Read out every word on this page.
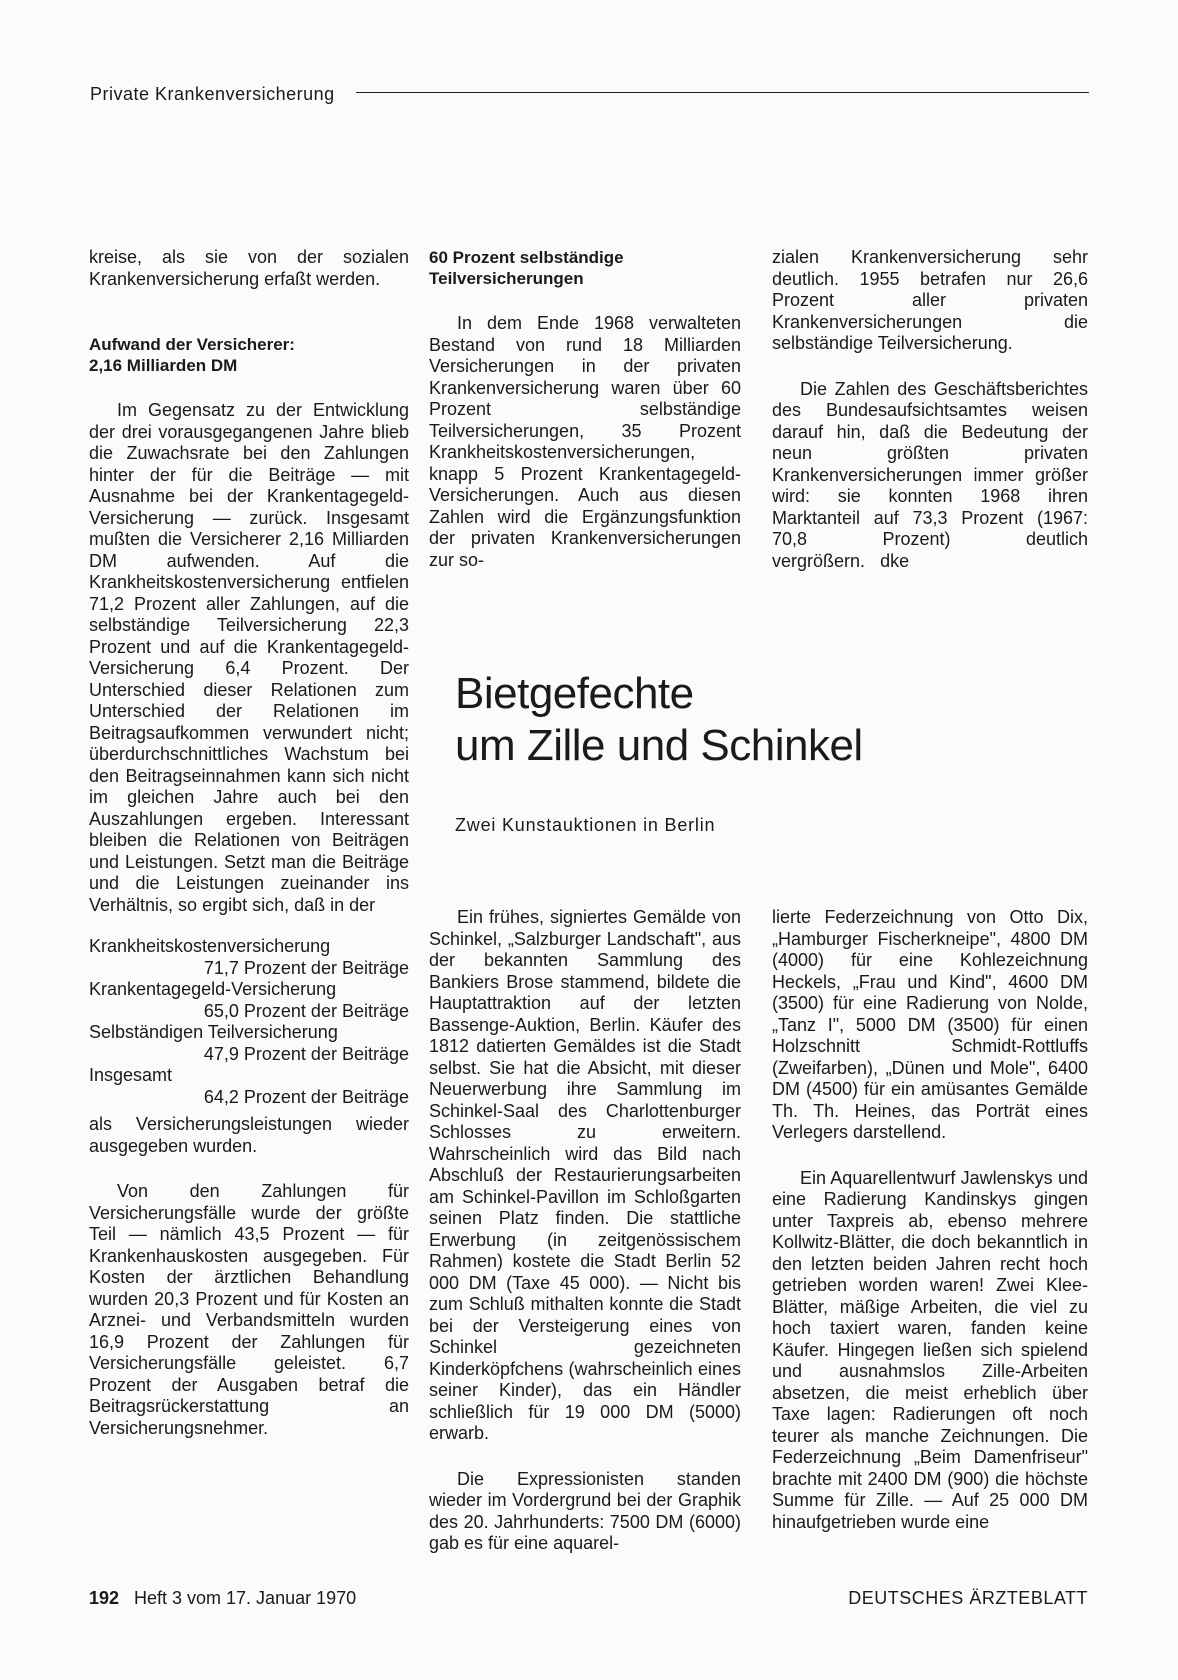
Private Krankenversicherung

kreise, als sie von der sozialen Krankenversicherung erfaßt werden.

Aufwand der Versicherer:

2,16 Milliarden DM

Im Gegensatz zu der Entwicklung der drei vorausgegangenen Jahre blieb die Zuwachsrate bei den Zahlungen hinter der für die Beiträge — mit Ausnahme bei der Krankentagegeld-Versicherung — zurück. Insgesamt mußten die Versicherer 2,16 Milliarden DM aufwenden. Auf die Krankheitskostenversicherung entfielen 71,2 Prozent aller Zahlungen, auf die selbständige Teilversicherung 22,3 Prozent und auf die Krankentagegeld-Versicherung 6,4 Prozent. Der Unterschied dieser Relationen zum Unterschied der Relationen im Beitragsaufkommen verwundert nicht; überdurchschnittliches Wachstum bei den Beitragseinnahmen kann sich nicht im gleichen Jahre auch bei den Auszahlungen ergeben. Interessant bleiben die Relationen von Beiträgen und Leistungen. Setzt man die Beiträge und die Leistungen zueinander ins Verhältnis, so ergibt sich, daß in der

Krankheitskostenversicherung

71,7 Prozent der Beiträge

Krankentagegeld-Versicherung

65,0 Prozent der Beiträge

Selbständigen Teilversicherung

47,9 Prozent der Beiträge

Insgesamt

64,2 Prozent der Beiträge

als Versicherungsleistungen wieder ausgegeben wurden.

Von den Zahlungen für Versicherungsfälle wurde der größte Teil — nämlich 43,5 Prozent — für Krankenhauskosten ausgegeben. Für Kosten der ärztlichen Behandlung wurden 20,3 Prozent und für Kosten an Arznei- und Verbandsmitteln wurden 16,9 Prozent der Zahlungen für Versicherungsfälle geleistet. 6,7 Prozent der Ausgaben betraf die Beitragsrückerstattung an Versicherungsnehmer.

60 Prozent selbständige

Teilversicherungen

In dem Ende 1968 verwalteten Bestand von rund 18 Milliarden Versicherungen in der privaten Krankenversicherung waren über 60 Prozent selbständige Teilversicherungen, 35 Prozent Krankheitskostenversicherungen, knapp 5 Prozent Krankentagegeld-Versicherungen. Auch aus diesen Zahlen wird die Ergänzungsfunktion der privaten Krankenversicherungen zur so-

zialen Krankenversicherung sehr deutlich. 1955 betrafen nur 26,6 Prozent aller privaten Krankenversicherungen die selbständige Teilversicherung.

Die Zahlen des Geschäftsberichtes des Bundesaufsichtsamtes weisen darauf hin, daß die Bedeutung der neun größten privaten Krankenversicherungen immer größer wird: sie konnten 1968 ihren Marktanteil auf 73,3 Prozent (1967: 70,8 Prozent) deutlich vergrößern. dke

Bietgefechte
um Zille und Schinkel
Zwei Kunstauktionen in Berlin

Ein frühes, signiertes Gemälde von Schinkel, „Salzburger Landschaft", aus der bekannten Sammlung des Bankiers Brose stammend, bildete die Hauptattraktion auf der letzten Bassenge-Auktion, Berlin. Käufer des 1812 datierten Gemäldes ist die Stadt selbst. Sie hat die Absicht, mit dieser Neuerwerbung ihre Sammlung im Schinkel-Saal des Charlottenburger Schlosses zu erweitern. Wahrscheinlich wird das Bild nach Abschluß der Restaurierungsarbeiten am Schinkel-Pavillon im Schloßgarten seinen Platz finden. Die stattliche Erwerbung (in zeitgenössischem Rahmen) kostete die Stadt Berlin 52 000 DM (Taxe 45 000). — Nicht bis zum Schluß mithalten konnte die Stadt bei der Versteigerung eines von Schinkel gezeichneten Kinderköpfchens (wahrscheinlich eines seiner Kinder), das ein Händler schließlich für 19 000 DM (5000) erwarb.

Die Expressionisten standen wieder im Vordergrund bei der Graphik des 20. Jahrhunderts: 7500 DM (6000) gab es für eine aquarel-

lierte Federzeichnung von Otto Dix, „Hamburger Fischerkneipe", 4800 DM (4000) für eine Kohlezeichnung Heckels, „Frau und Kind", 4600 DM (3500) für eine Radierung von Nolde, „Tanz I", 5000 DM (3500) für einen Holzschnitt Schmidt-Rottluffs (Zweifarben), „Dünen und Mole", 6400 DM (4500) für ein amüsantes Gemälde Th. Th. Heines, das Porträt eines Verlegers darstellend.

Ein Aquarellentwurf Jawlenskys und eine Radierung Kandinskys gingen unter Taxpreis ab, ebenso mehrere Kollwitz-Blätter, die doch bekanntlich in den letzten beiden Jahren recht hoch getrieben worden waren! Zwei Klee-Blätter, mäßige Arbeiten, die viel zu hoch taxiert waren, fanden keine Käufer. Hingegen ließen sich spielend und ausnahmslos Zille-Arbeiten absetzen, die meist erheblich über Taxe lagen: Radierungen oft noch teurer als manche Zeichnungen. Die Federzeichnung „Beim Damenfriseur" brachte mit 2400 DM (900) die höchste Summe für Zille. — Auf 25 000 DM hinaufgetrieben wurde eine

192 Heft 3 vom 17. Januar 1970	DEUTSCHES ÄRZTEBLATT
